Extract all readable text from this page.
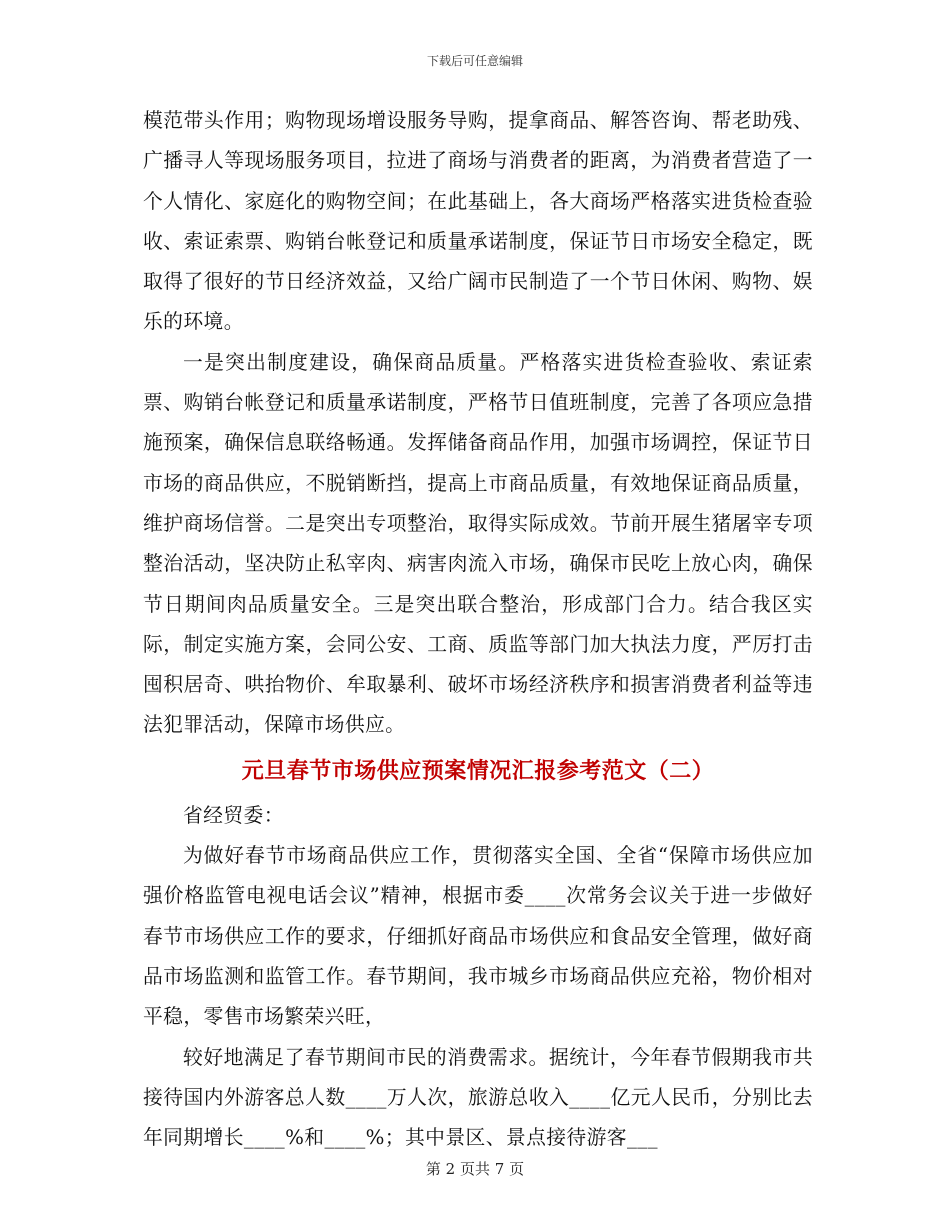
下载后可任意编辑

模范带头作用；购物现场增设服务导购，提拿商品、解答咨询、帮老助残、广播寻人等现场服务项目，拉进了商场与消费者的距离，为消费者营造了一个人情化、家庭化的购物空间；在此基础上，各大商场严格落实进货检查验收、索证索票、购销台帐登记和质量承诺制度，保证节日市场安全稳定，既取得了很好的节日经济效益，又给广阔市民制造了一个节日休闲、购物、娱乐的环境。

一是突出制度建设，确保商品质量。严格落实进货检查验收、索证索票、购销台帐登记和质量承诺制度，严格节日值班制度，完善了各项应急措施预案，确保信息联络畅通。发挥储备商品作用，加强市场调控，保证节日市场的商品供应，不脱销断挡，提高上市商品质量，有效地保证商品质量，维护商场信誉。二是突出专项整治，取得实际成效。节前开展生猪屠宰专项整治活动，坚决防止私宰肉、病害肉流入市场，确保市民吃上放心肉，确保节日期间肉品质量安全。三是突出联合整治，形成部门合力。结合我区实际，制定实施方案，会同公安、工商、质监等部门加大执法力度，严厉打击囤积居奇、哄抬物价、牟取暴利、破坏市场经济秩序和损害消费者利益等违法犯罪活动，保障市场供应。

元旦春节市场供应预案情况汇报参考范文（二）

省经贸委：

为做好春节市场商品供应工作，贯彻落实全国、全省“保障市场供应加强价格监管电视电话会议”精神，根据市委____次常务会议关于进一步做好春节市场供应工作的要求，仔细抓好商品市场供应和食品安全管理，做好商品市场监测和监管工作。春节期间，我市城乡市场商品供应充裕，物价相对平稳，零售市场繁荣兴旺，

较好地满足了春节期间市民的消费需求。据统计，今年春节假期我市共接待国内外游客总人数____万人次，旅游总收入____亿元人民币，分别比去年同期增长____%和____%；其中景区、景点接待游客___

第 2 页共 7 页
